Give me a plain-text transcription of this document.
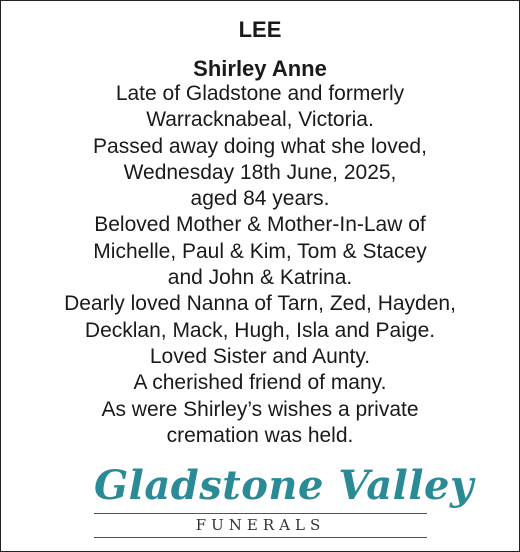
LEE
Shirley Anne
Late of Gladstone and formerly
Warracknabeal, Victoria.
Passed away doing what she loved,
Wednesday 18th June, 2025,
aged 84 years.
Beloved Mother & Mother-In-Law of
Michelle, Paul & Kim, Tom & Stacey
and John & Katrina.
Dearly loved Nanna of Tarn, Zed, Hayden,
Decklan, Mack, Hugh, Isla and Paige.
Loved Sister and Aunty.
A cherished friend of many.
As were Shirley’s wishes a private
cremation was held.
Gladstone Valley
FUNERALS
